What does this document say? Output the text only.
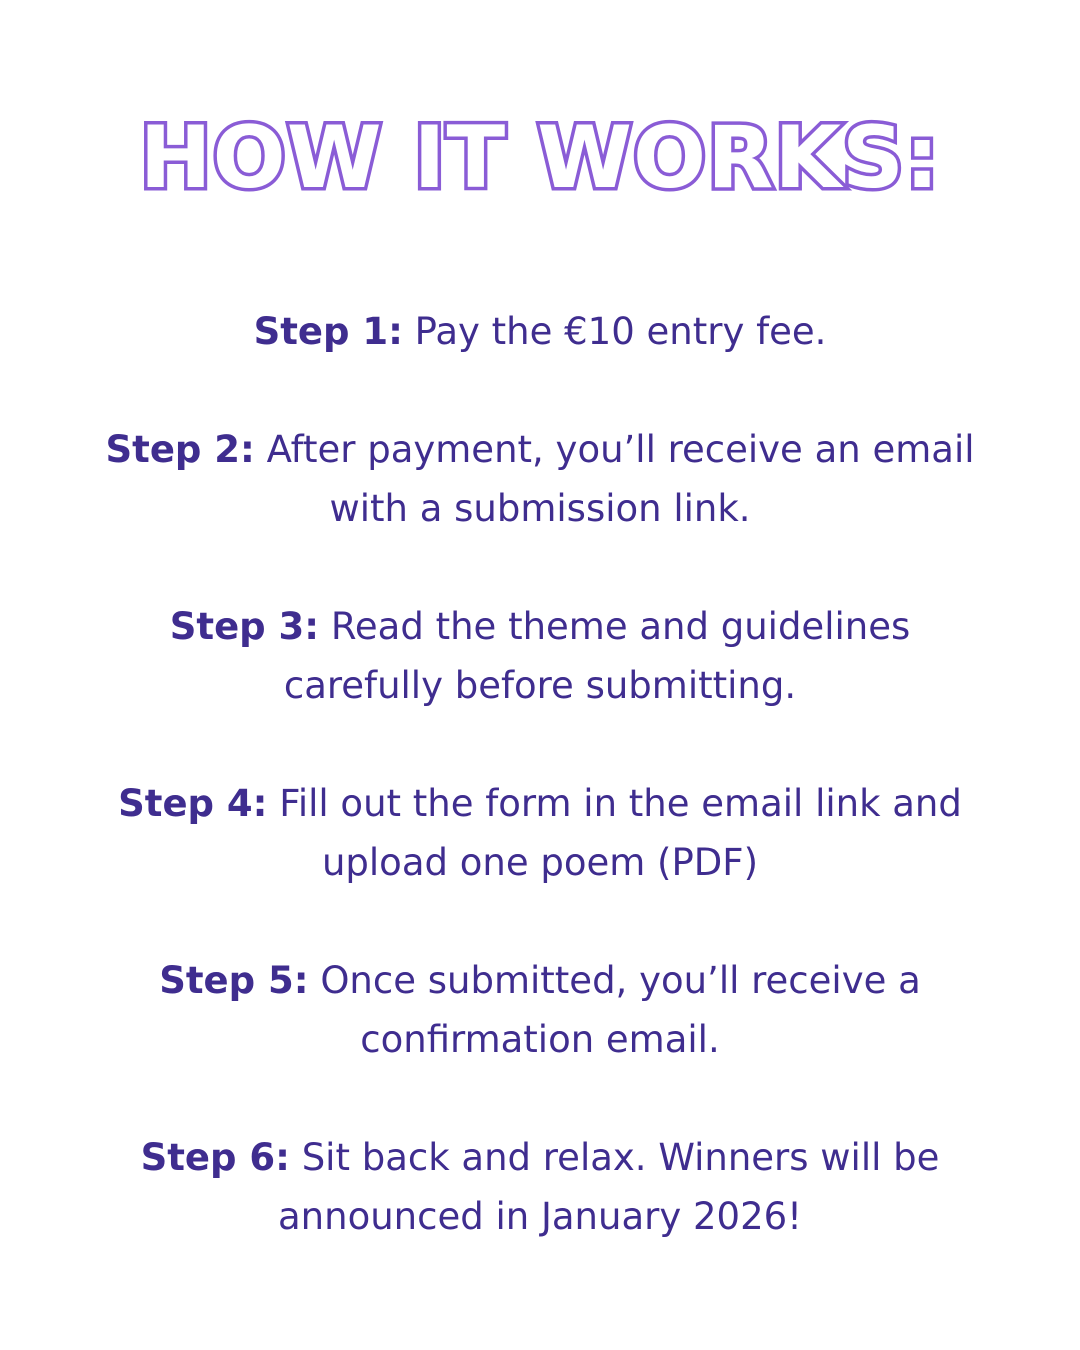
HOW IT WORKS:
Step 1: Pay the €10 entry fee.
Step 2: After payment, you’ll receive an email with a submission link.
Step 3: Read the theme and guidelines carefully before submitting.
Step 4: Fill out the form in the email link and upload one poem (PDF)
Step 5: Once submitted, you’ll receive a confirmation email.
Step 6: Sit back and relax. Winners will be announced in January 2026!
